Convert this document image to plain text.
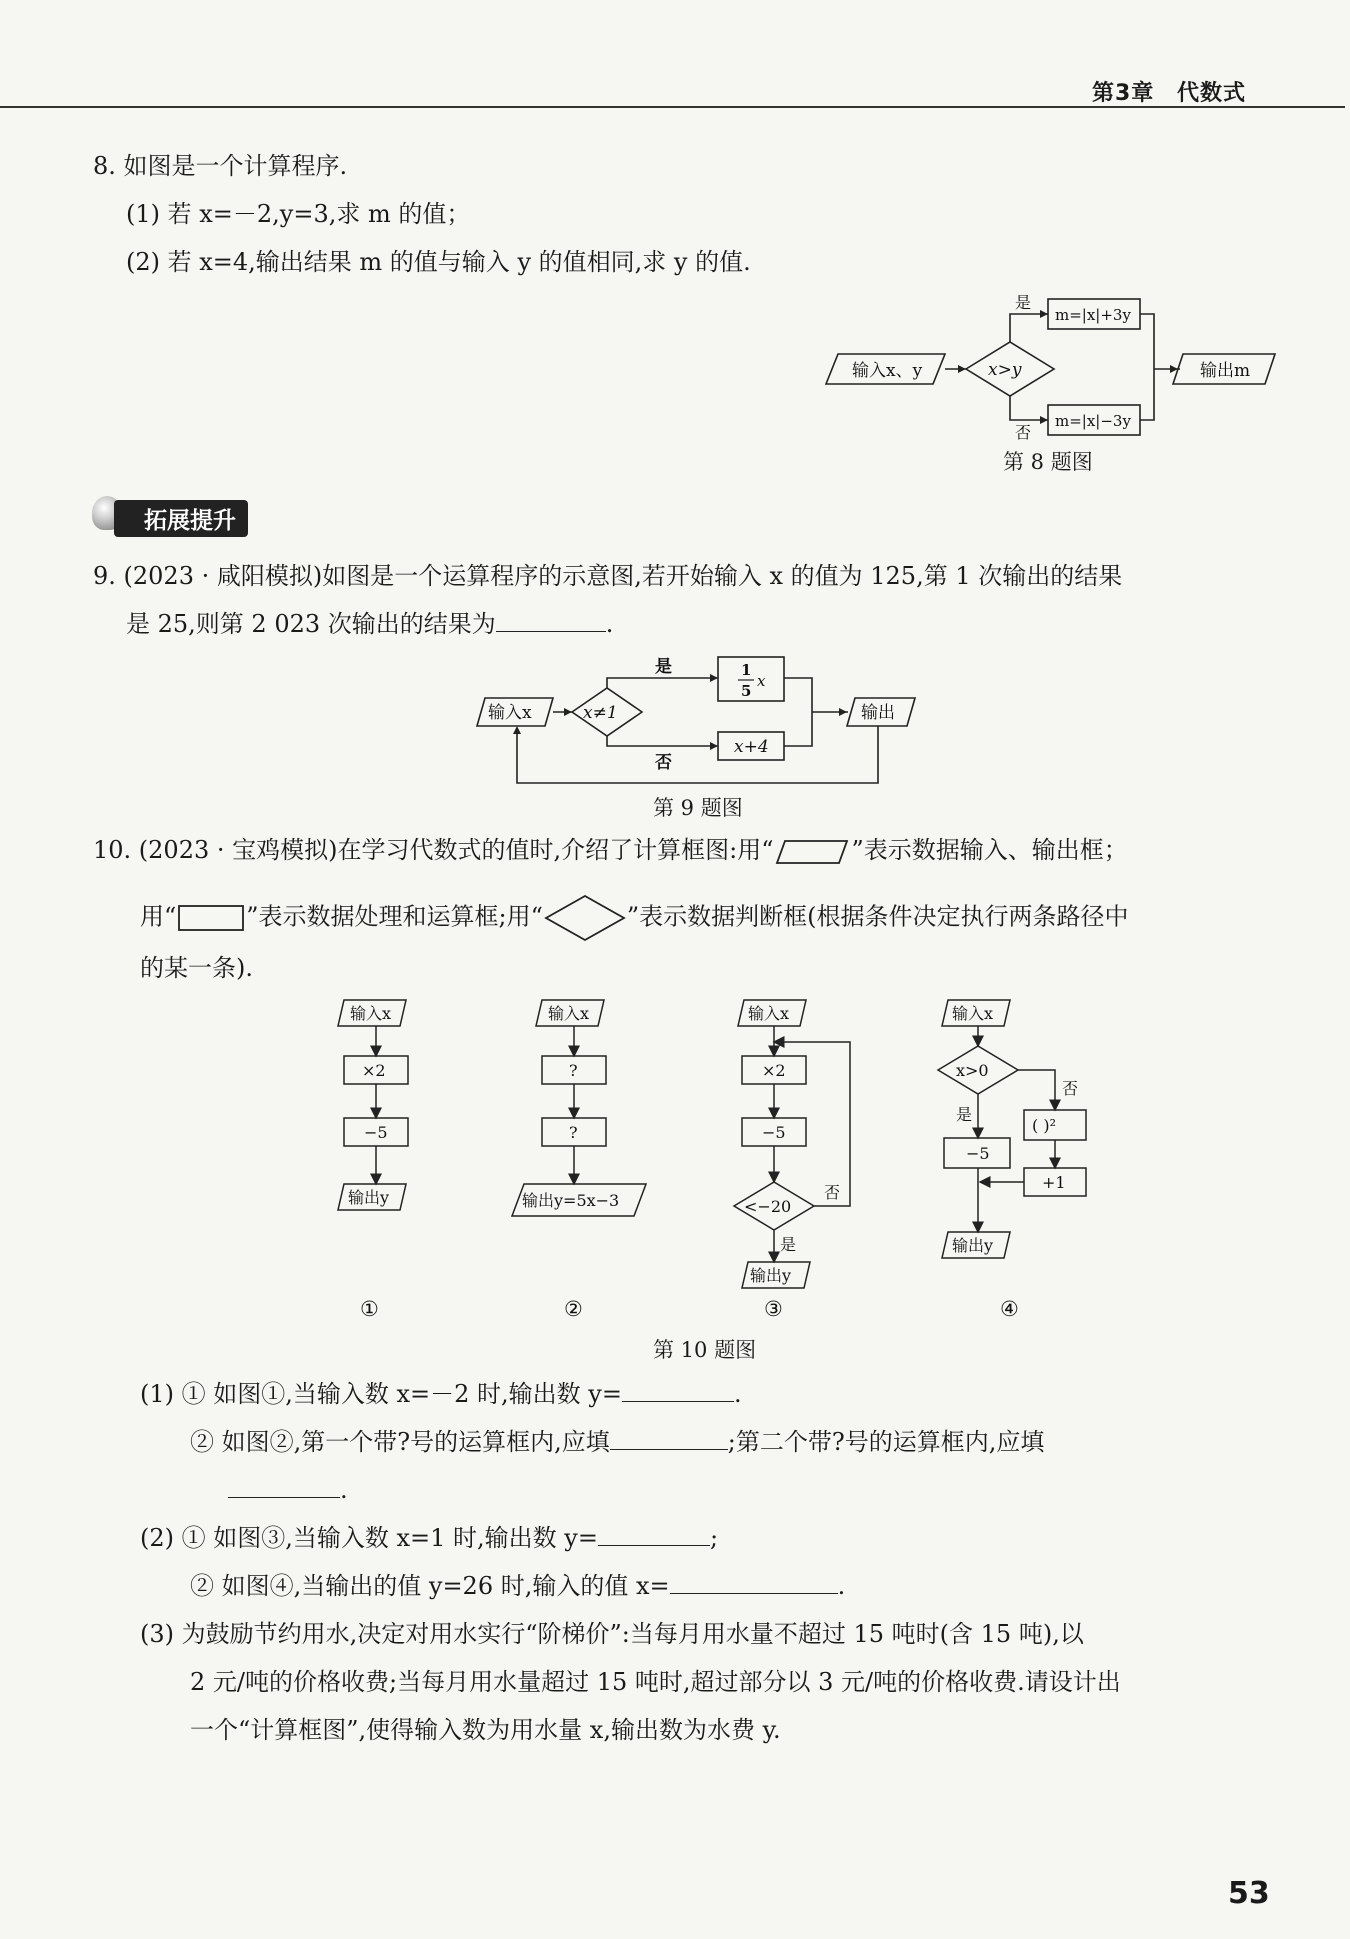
第3章 代数式
8. 如图是一个计算程序.
(1) 若 x=－2,y=3,求 m 的值；
(2) 若 x=4,输出结果 m 的值与输入 y 的值相同,求 y 的值.
输入x、y	x>y
是
否
m=|x|+3y
m=|x|−3y
输出m
第 8 题图
拓展提升
9. (2023 · 咸阳模拟)如图是一个运算程序的示意图,若开始输入 x 的值为 125,第 1 次输出的结果
是 25,则第 2 023 次输出的结果为	.
输入x	x≠1
是
否
1
5
x
x+4
输出
第 9 题图
10. (2023 · 宝鸡模拟)在学习代数式的值时,介绍了计算框图:用“	”表示数据输入、输出框；
用“	”表示数据处理和运算框;用“	”表示数据判断框(根据条件决定执行两条路径中
的某一条).
输入x
×2
−5
输出y
①
输入x
?
?
输出y=5x−3
②
输入x
×2
−5
<−20
否
是
输出y
③
输入x
x>0
否
是
−5
( )²
+1
输出y
④
第 10 题图
(1) ① 如图①,当输入数 x=－2 时,输出数 y=	.
② 如图②,第一个带?号的运算框内,应填	;第二个带?号的运算框内,应填
.
(2) ① 如图③,当输入数 x=1 时,输出数 y=	;
② 如图④,当输出的值 y=26 时,输入的值 x=	.
(3) 为鼓励节约用水,决定对用水实行“阶梯价”:当每月用水量不超过 15 吨时(含 15 吨),以
2 元/吨的价格收费;当每月用水量超过 15 吨时,超过部分以 3 元/吨的价格收费.请设计出
一个“计算框图”,使得输入数为用水量 x,输出数为水费 y.
53
